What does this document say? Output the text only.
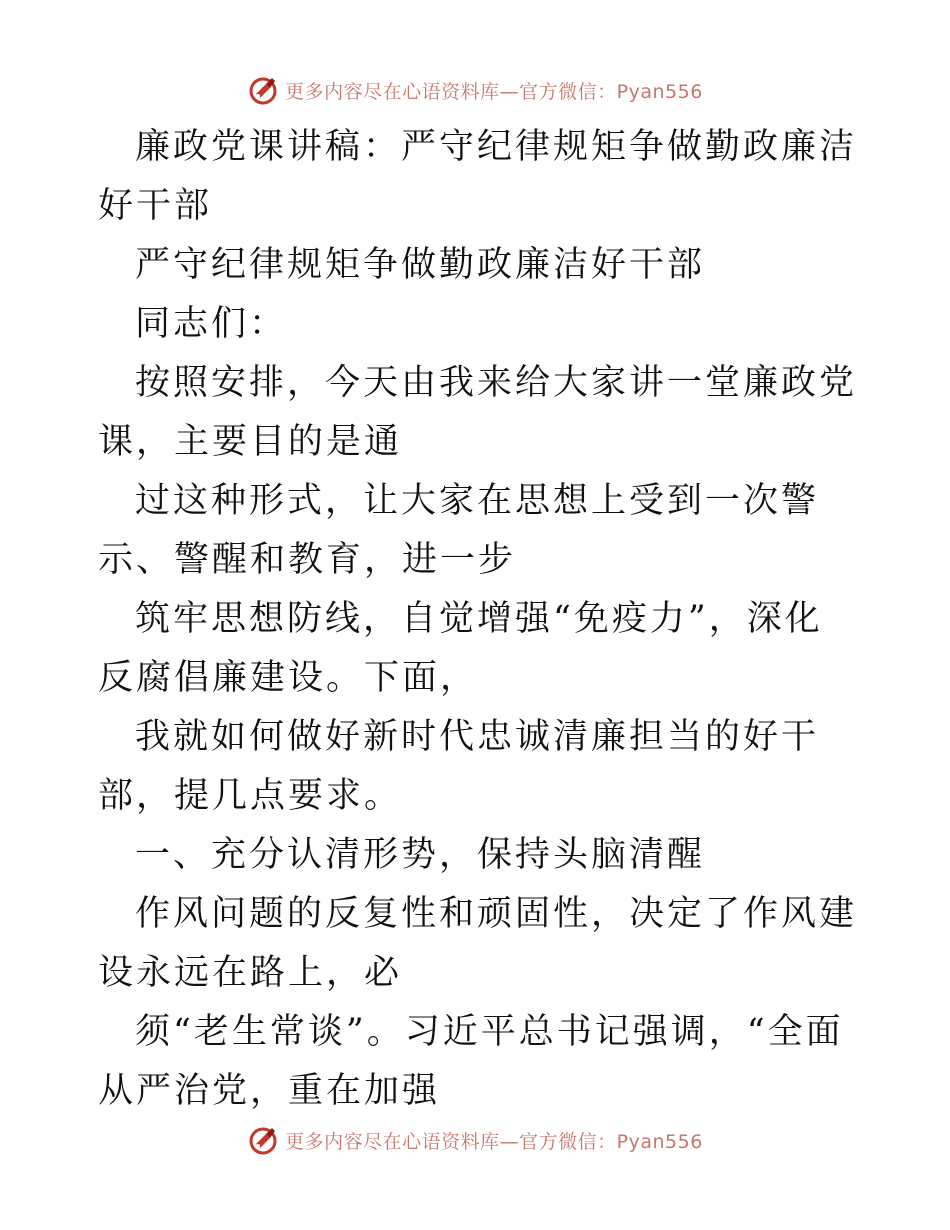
更多内容尽在心语资料库—官方微信：Pyan556

廉政党课讲稿：严守纪律规矩争做勤政廉洁好干部

严守纪律规矩争做勤政廉洁好干部

同志们：

按照安排，今天由我来给大家讲一堂廉政党课，主要目的是通

过这种形式，让大家在思想上受到一次警示、警醒和教育，进一步

筑牢思想防线，自觉增强“免疫力”，深化反腐倡廉建设。下面，

我就如何做好新时代忠诚清廉担当的好干部，提几点要求。

一、充分认清形势，保持头脑清醒

作风问题的反复性和顽固性，决定了作风建设永远在路上，必

须“老生常谈”。习近平总书记强调，“全面从严治党，重在加强

更多内容尽在心语资料库—官方微信：Pyan556
